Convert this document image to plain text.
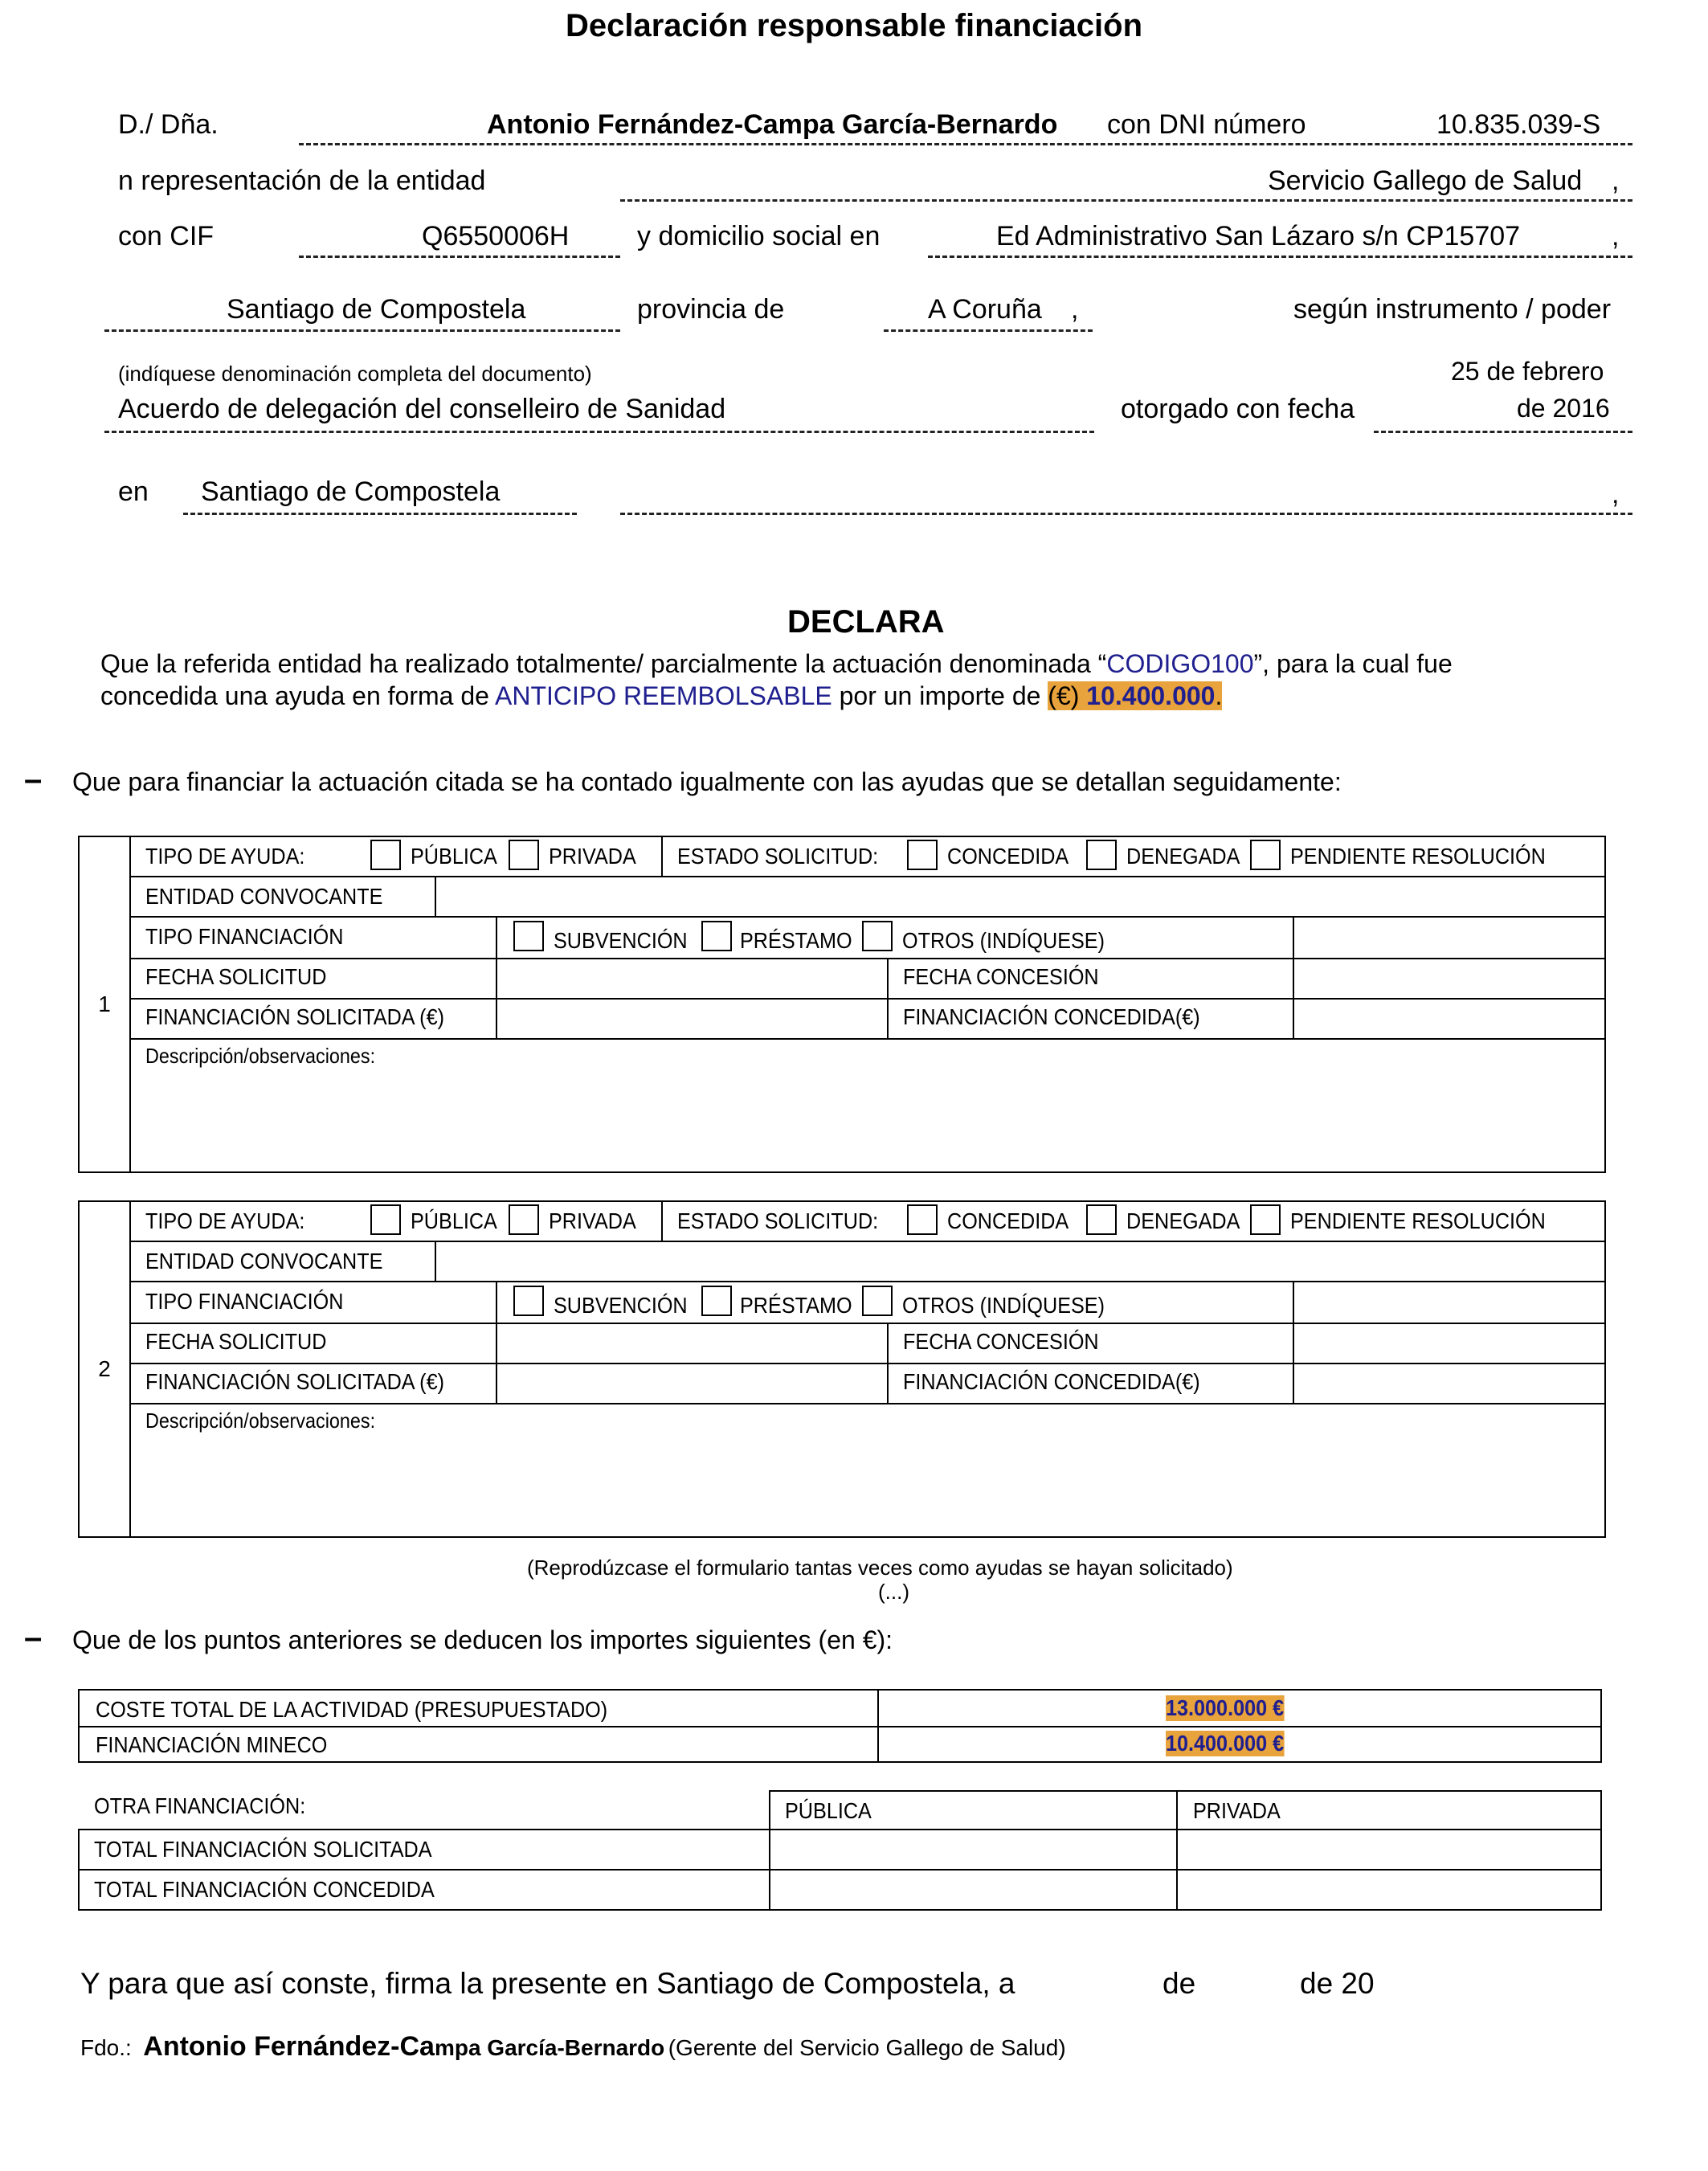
Declaración responsable financiación
D./ Dña.	Antonio Fernández-Campa García-Bernardo con DNI número	10.835.039-S
n representación de la entidad	Servicio Gallego de Salud ,
con CIF	Q6550006H y domicilio social en	Ed Administrativo San Lázaro s/n CP15707	,
Santiago de Compostela	provincia de	A Coruña ,	según instrumento / poder
(indíquese denominación completa del documento)	25 de febrero
Acuerdo de delegación del conselleiro de Sanidad	otorgado con fecha	de 2016
en Santiago de Compostela	,
DECLARA
Que la referida entidad ha realizado totalmente/ parcialmente la actuación denominada “CODIGO100”, para la cual fue
concedida una ayuda en forma de ANTICIPO REEMBOLSABLE por un importe de (€) 10.400.000.
– Que para financiar la actuación citada se ha contado igualmente con las ayudas que se detallan seguidamente:
1
TIPO DE AYUDA:	PÚBLICA PRIVADA ESTADO SOLICITUD:	CONCEDIDA	DENEGADA PENDIENTE RESOLUCIÓN
ENTIDAD CONVOCANTE
TIPO FINANCIACIÓN	SUBVENCIÓN PRÉSTAMO OTROS (INDÍQUESE)
FECHA SOLICITUD	FECHA CONCESIÓN
FINANCIACIÓN SOLICITADA (€)	FINANCIACIÓN CONCEDIDA(€)
Descripción/observaciones:
2
TIPO DE AYUDA:	PÚBLICA PRIVADA ESTADO SOLICITUD:	CONCEDIDA	DENEGADA PENDIENTE RESOLUCIÓN
ENTIDAD CONVOCANTE
TIPO FINANCIACIÓN	SUBVENCIÓN PRÉSTAMO OTROS (INDÍQUESE)
FECHA SOLICITUD	FECHA CONCESIÓN
FINANCIACIÓN SOLICITADA (€)	FINANCIACIÓN CONCEDIDA(€)
Descripción/observaciones:
(Reprodúzcase el formulario tantas veces como ayudas se hayan solicitado)
(...)
– Que de los puntos anteriores se deducen los importes siguientes (en €):
COSTE TOTAL DE LA ACTIVIDAD (PRESUPUESTADO)	13.000.000 €
FINANCIACIÓN MINECO	10.400.000 €
OTRA FINANCIACIÓN:	PÚBLICA	PRIVADA
TOTAL FINANCIACIÓN SOLICITADA
TOTAL FINANCIACIÓN CONCEDIDA
Y para que así conste, firma la presente en Santiago de Compostela, a	de	de 20
Fdo.: Antonio Fernández-Campa García-Bernardo (Gerente del Servicio Gallego de Salud)
